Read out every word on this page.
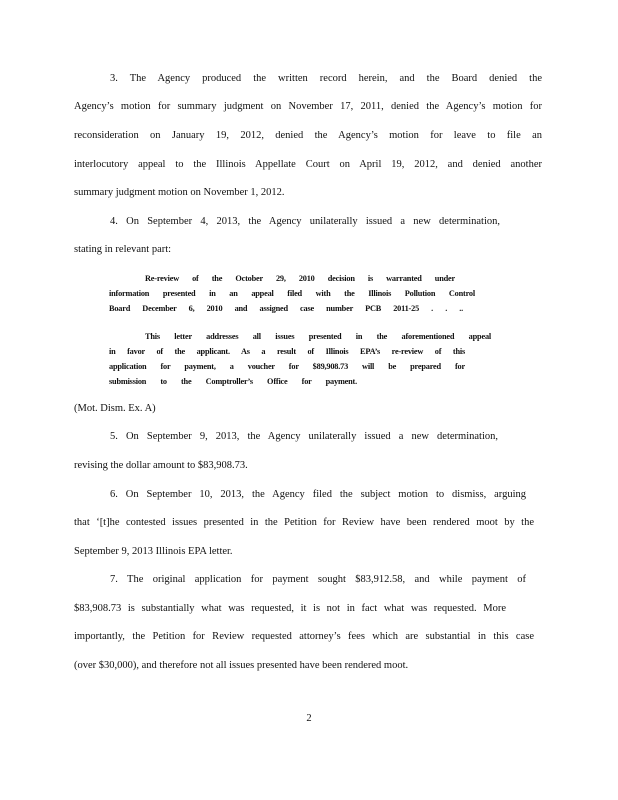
3. The Agency produced the written record herein, and the Board denied the
Agency’s motion for summary judgment on November 17, 2011, denied the Agency’s motion for
reconsideration on January 19, 2012, denied the Agency’s motion for leave to file an
interlocutory appeal to the Illinois Appellate Court on April 19, 2012, and denied another
summary judgment motion on November 1, 2012.
4. On September 4, 2013, the Agency unilaterally issued a new determination,
stating in relevant part:
Re-review of the October 29, 2010 decision is warranted under
information presented in an appeal filed with the Illinois Pollution Control
Board December 6, 2010 and assigned case number PCB 2011-25 . . ..
This letter addresses all issues presented in the aforementioned appeal
in favor of the applicant. As a result of Illinois EPA’s re-review of this
application for payment, a voucher for $89,908.73 will be prepared for
submission to the Comptroller’s Office for payment.
(Mot. Dism. Ex. A)
5. On September 9, 2013, the Agency unilaterally issued a new determination,
revising the dollar amount to $83,908.73.
6. On September 10, 2013, the Agency filed the subject motion to dismiss, arguing
that ‘[t]he contested issues presented in the Petition for Review have been rendered moot by the
September 9, 2013 Illinois EPA letter.
7. The original application for payment sought $83,912.58, and while payment of
$83,908.73 is substantially what was requested, it is not in fact what was requested. More
importantly, the Petition for Review requested attorney’s fees which are substantial in this case
(over $30,000), and therefore not all issues presented have been rendered moot.
2
